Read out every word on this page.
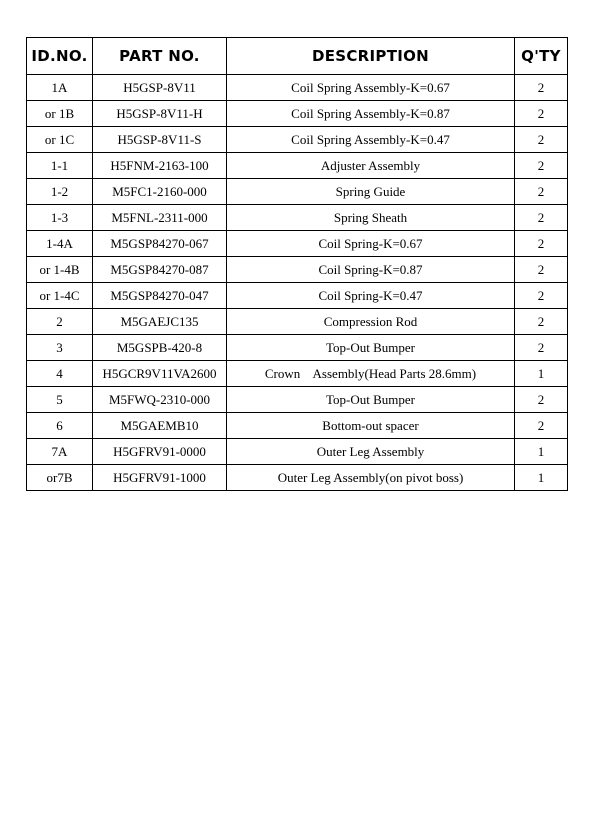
ID.NO.	PART NO.	DESCRIPTION	Q'TY
1A	H5GSP-8V11	Coil Spring Assembly-K=0.67	2
or 1B	H5GSP-8V11-H	Coil Spring Assembly-K=0.87	2
or 1C	H5GSP-8V11-S	Coil Spring Assembly-K=0.47	2
1-1	H5FNM-2163-100	Adjuster Assembly	2
1-2	M5FC1-2160-000	Spring Guide	2
1-3	M5FNL-2311-000	Spring Sheath	2
1-4A	M5GSP84270-067	Coil Spring-K=0.67	2
or 1-4B	M5GSP84270-087	Coil Spring-K=0.87	2
or 1-4C	M5GSP84270-047	Coil Spring-K=0.47	2
2	M5GAEJC135	Compression Rod	2
3	M5GSPB-420-8	Top-Out Bumper	2
4	H5GCR9V11VA2600	Crown    Assembly(Head Parts 28.6mm)	1
5	M5FWQ-2310-000	Top-Out Bumper	2
6	M5GAEMB10	Bottom-out spacer	2
7A	H5GFRV91-0000	Outer Leg Assembly	1
or7B	H5GFRV91-1000	Outer Leg Assembly(on pivot boss)	1
